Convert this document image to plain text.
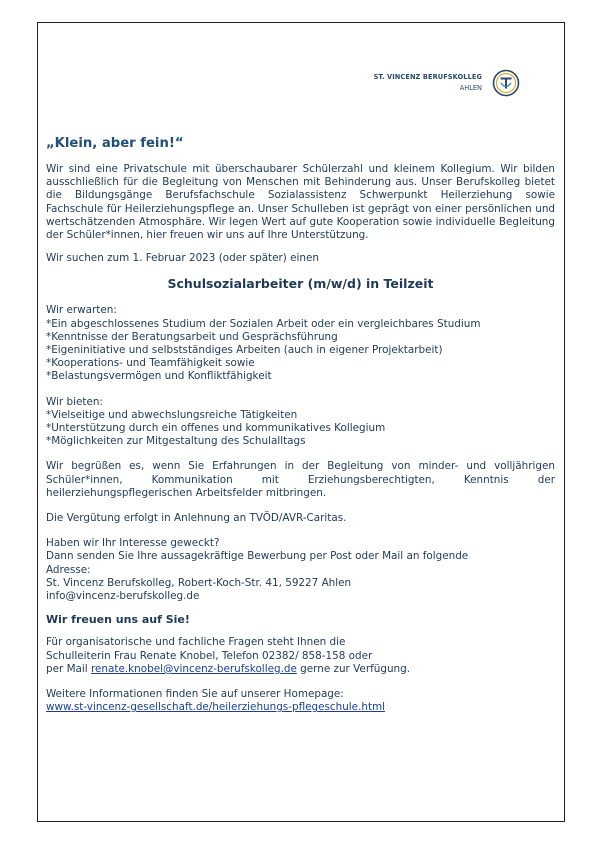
ST. VINCENZ BERUFSKOLLEG
AHLEN
„Klein, aber fein!“

Wir sind eine Privatschule mit überschaubarer Schülerzahl und kleinem Kollegium. Wir bilden ausschließlich für die Begleitung von Menschen mit Behinderung aus. Unser Berufskolleg bietet die Bildungsgänge Berufsfachschule Sozialassistenz Schwerpunkt Heilerziehung sowie Fachschule für Heilerziehungspflege an. Unser Schulleben ist geprägt von einer persönlichen und wertschätzenden Atmosphäre. Wir legen Wert auf gute Kooperation sowie individuelle Begleitung der Schüler*innen, hier freuen wir uns auf Ihre Unterstützung.

Wir suchen zum 1. Februar 2023 (oder später) einen

Schulsozialarbeiter (m/w/d) in Teilzeit

Wir erwarten:

*Ein abgeschlossenes Studium der Sozialen Arbeit oder ein vergleichbares Studium
*Kenntnisse der Beratungsarbeit und Gesprächsführung
*Eigeninitiative und selbstständiges Arbeiten (auch in eigener Projektarbeit)
*Kooperations- und Teamfähigkeit sowie
*Belastungsvermögen und Konfliktfähigkeit

Wir bieten:

*Vielseitige und abwechslungsreiche Tätigkeiten
*Unterstützung durch ein offenes und kommunikatives Kollegium
*Möglichkeiten zur Mitgestaltung des Schulalltags

Wir begrüßen es, wenn Sie Erfahrungen in der Begleitung von minder- und volljährigen Schüler*innen, Kommunikation mit Erziehungsberechtigten, Kenntnis der heilerziehungspflegerischen Arbeitsfelder mitbringen.

Die Vergütung erfolgt in Anlehnung an TVÖD/AVR-Caritas.

Haben wir Ihr Interesse geweckt?

Dann senden Sie Ihre aussagekräftige Bewerbung per Post oder Mail an folgende

Adresse:

St. Vincenz Berufskolleg, Robert-Koch-Str. 41, 59227 Ahlen

info@vincenz-berufskolleg.de

Wir freuen uns auf Sie!

Für organisatorische und fachliche Fragen steht Ihnen die

Schulleiterin Frau Renate Knobel, Telefon 02382/ 858-158 oder

per Mail renate.knobel@vincenz-berufskolleg.de gerne zur Verfügung.

Weitere Informationen finden Sie auf unserer Homepage:

www.st-vincenz-gesellschaft.de/heilerziehungs-pflegeschule.html
